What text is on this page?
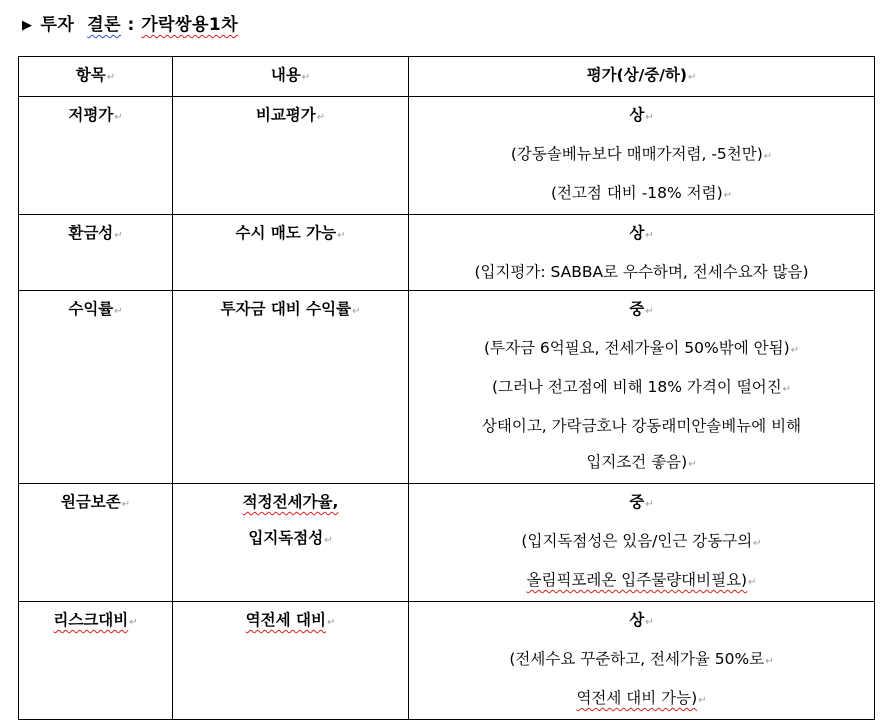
▶ 투자 결론 : 가락쌍용1차
항목↵	내용↵	평가(상/중/하)↵
저평가↵	비교평가↵	상↵
(강동솔베뉴보다 매매가저렴, -5천만)↵
(전고점 대비 -18% 저렴)↵

환금성↵	수시 매도 가능↵	상↵
(입지평가: SABBA로 우수하며, 전세수요자 많음)

수익률↵	투자금 대비 수익률↵	중↵
(투자금 6억필요, 전세가율이 50%밖에 안됨)↵
(그러나 전고점에 비해 18% 가격이 떨어진↵
상태이고, 가락금호나 강동래미안솔베뉴에 비해
입지조건 좋음)↵

원금보존↵	적정전세가율,
입지독점성↵	중↵
(입지독점성은 있음/인근 강동구의↵
올림픽포레온 입주물량대비필요)↵

리스크대비↵	역전세 대비↵	상↵
(전세수요 꾸준하고, 전세가율 50%로↵
역전세 대비 가능)↵
